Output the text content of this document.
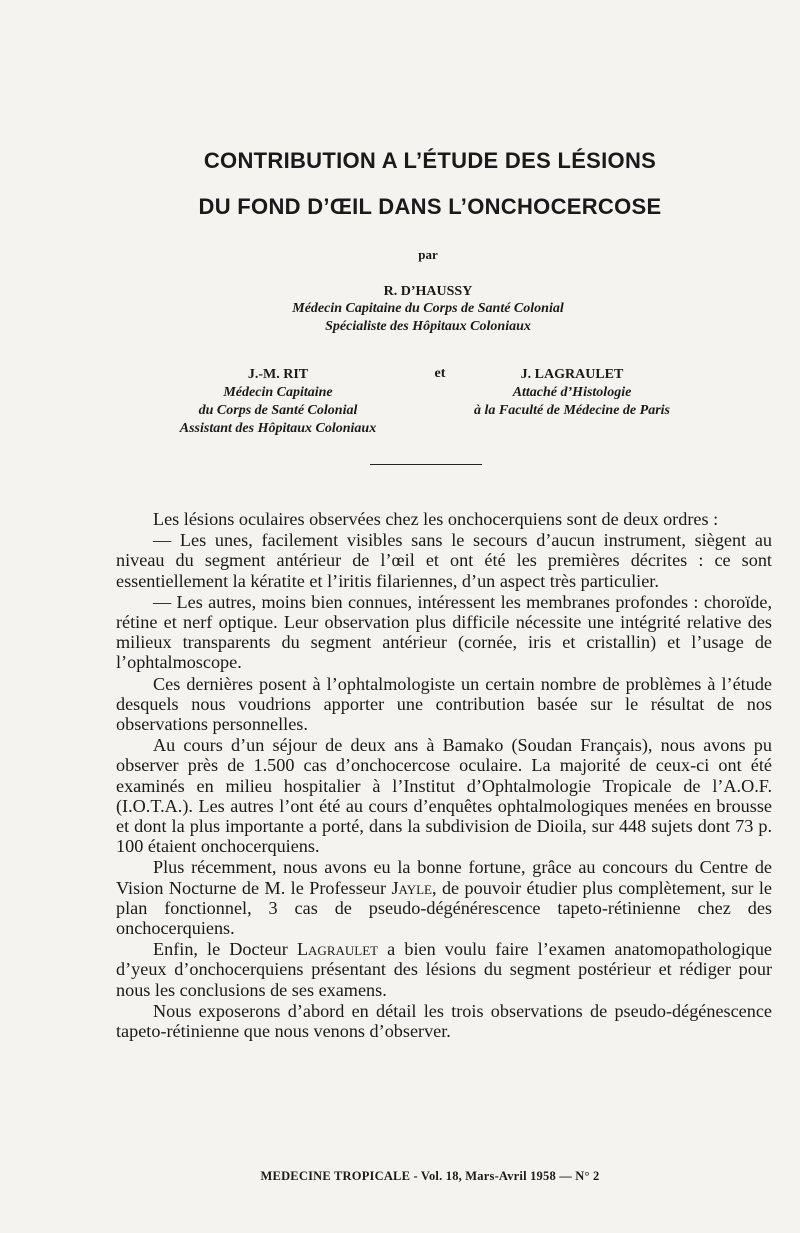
CONTRIBUTION A L’ÉTUDE DES LÉSIONS
DU FOND D’ŒIL DANS L’ONCHOCERCOSE
par
R. D’HAUSSY
Médecin Capitaine du Corps de Santé Colonial
Spécialiste des Hôpitaux Coloniaux
J.-M. RIT
Médecin Capitaine
du Corps de Santé Colonial
Assistant des Hôpitaux Coloniaux
et	J. LAGRAULET
Attaché d’Histologie
à la Faculté de Médecine de Paris

Les lésions oculaires observées chez les onchocerquiens sont de deux ordres :

— Les unes, facilement visibles sans le secours d’aucun instrument, siègent au niveau du segment antérieur de l’œil et ont été les premières décrites : ce sont essentiellement la kératite et l’iritis filariennes, d’un aspect très particulier.

— Les autres, moins bien connues, intéressent les membranes profondes : choroïde, rétine et nerf optique. Leur observation plus difficile nécessite une intégrité relative des milieux transparents du segment antérieur (cornée, iris et cristallin) et l’usage de l’ophtalmoscope.

Ces dernières posent à l’ophtalmologiste un certain nombre de problèmes à l’étude desquels nous voudrions apporter une contribution basée sur le résultat de nos observations personnelles.

Au cours d’un séjour de deux ans à Bamako (Soudan Français), nous avons pu observer près de 1.500 cas d’onchocercose oculaire. La majorité de ceux-ci ont été examinés en milieu hospitalier à l’Institut d’Ophtalmologie Tropicale de l’A.O.F. (I.O.T.A.). Les autres l’ont été au cours d’enquêtes ophtalmologiques menées en brousse et dont la plus importante a porté, dans la subdivision de Dioila, sur 448 sujets dont 73 p. 100 étaient onchocerquiens.

Plus récemment, nous avons eu la bonne fortune, grâce au concours du Centre de Vision Nocturne de M. le Professeur Jayle, de pouvoir étudier plus complètement, sur le plan fonctionnel, 3 cas de pseudo-dégénérescence tapeto-rétinienne chez des onchocerquiens.

Enfin, le Docteur Lagraulet a bien voulu faire l’examen anatomopathologique d’yeux d’onchocerquiens présentant des lésions du segment postérieur et rédiger pour nous les conclusions de ses examens.

Nous exposerons d’abord en détail les trois observations de pseudo-dégénescence tapeto-rétinienne que nous venons d’observer.

MEDECINE TROPICALE - Vol. 18, Mars-Avril 1958 — N° 2
